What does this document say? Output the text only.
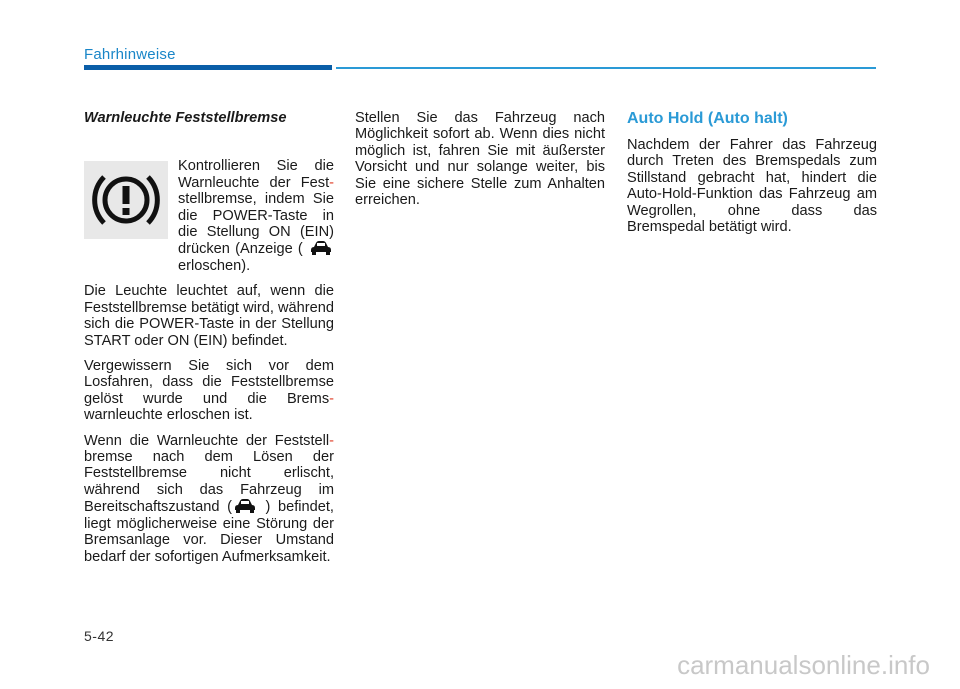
Fahrhinweise
Warnleuchte Feststellbremse
Kontrollieren Sie die Warnleuchte der Fest-stellbremse, indem Sie die POWER-Taste in die Stellung ON (EIN) drücken (Anzeige (  erloschen).

Die Leuchte leuchtet auf, wenn die Feststellbremse betätigt wird, während sich die POWER-Taste in der Stellung START oder ON (EIN) befindet.

Vergewissern Sie sich vor dem Losfahren, dass die Feststellbremse gelöst wurde und die Brems-warnleuchte erloschen ist.

Wenn die Warnleuchte der Feststell-bremse nach dem Lösen der Feststellbremse nicht erlischt, während sich das Fahrzeug im Bereitschaftszustand ( ) befindet, liegt möglicherweise eine Störung der Bremsanlage vor. Dieser Umstand bedarf der sofortigen Aufmerksamkeit.

Stellen Sie das Fahrzeug nach Möglichkeit sofort ab. Wenn dies nicht möglich ist, fahren Sie mit äußerster Vorsicht und nur solange weiter, bis Sie eine sichere Stelle zum Anhalten erreichen.

Auto Hold (Auto halt)

Nachdem der Fahrer das Fahrzeug durch Treten des Bremspedals zum Stillstand gebracht hat, hindert die Auto-Hold-Funktion das Fahrzeug am Wegrollen, ohne dass das Bremspedal betätigt wird.

5-42
carmanualsonline.info
